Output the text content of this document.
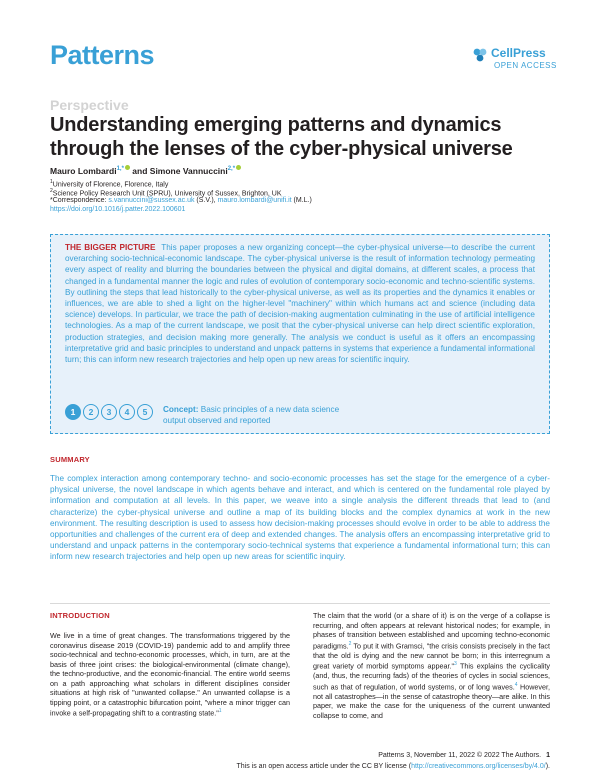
Patterns	CellPress
OPEN ACCESS
Perspective
Understanding emerging patterns and dynamics through the lenses of the cyber-physical universe
Mauro Lombardi$^{1,*}$ and Simone Vannuccini$^{2,*}$
$^1$University of Florence, Florence, Italy
$^2$Science Policy Research Unit (SPRU), University of Sussex, Brighton, UK
*Correspondence: s.vannuccini@sussex.ac.uk (S.V.), mauro.lombardi@unifi.it (M.L.)
https://doi.org/10.1016/j.patter.2022.100601
THE BIGGER PICTURE This paper proposes a new organizing concept—the cyber-physical universe—to describe the current overarching socio-technical-economic landscape. The cyber-physical universe is the result of information technology permeating every aspect of reality and blurring the boundaries between the physical and digital domains, at different scales, a process that changed in a fundamental manner the logic and rules of evolution of contemporary socio-economic and techno-scientific systems. By outlining the steps that lead historically to the cyber-physical universe, as well as its properties and the dynamics it enables or influences, we are able to shed a light on the higher-level "machinery" within which humans act and science (including data science) develops. In particular, we trace the path of decision-making augmentation culminating in the use of artificial intelligence technologies. As a map of the current landscape, we posit that the cyber-physical universe can help direct scientific exploration, production strategies, and decision making more generally. The analysis we conduct is useful as it offers an encompassing interpretative grid and basic principles to understand and unpack patterns in systems that experience a fundamental informational turn; this can inform new research trajectories and help open up new areas for scientific inquiry.
1	2	3	4	5	Concept: Basic principles of a new data science output observed and reported
SUMMARY
The complex interaction among contemporary techno- and socio-economic processes has set the stage for the emergence of a cyber-physical universe, the novel landscape in which agents behave and interact, and which is centered on the fundamental role played by information and computation at all levels. In this paper, we weave into a single analysis the different threads that lead to (and characterize) the cyber-physical universe and outline a map of its building blocks and the complex dynamics at work in the new environment. The resulting description is used to assess how decision-making processes should evolve in order to be able to address the opportunities and challenges of the current era of deep and extended changes. The analysis offers an encompassing interpretative grid to understand and unpack patterns in the contemporary socio-technical systems that experience a fundamental informational turn; this can inform new research trajectories and help open up new areas for scientific inquiry.
INTRODUCTION
We live in a time of great changes. The transformations triggered by the coronavirus disease 2019 (COVID-19) pandemic add to and amplify three socio-technical and techno-economic processes, which, in turn, are at the basis of three joint crises: the biological-environmental (climate change), the techno-productive, and the economic-financial. The entire world seems on a path approaching what scholars in different disciplines consider situations at high risk of "unwanted collapse." An unwanted collapse is a tipping point, or a catastrophic bifurcation point, "where a minor trigger can invoke a self-propagating shift to a contrasting state."$^1$
The claim that the world (or a share of it) is on the verge of a collapse is recurring, and often appears at relevant historical nodes; for example, in phases of transition between established and upcoming techno-economic paradigms.$^2$ To put it with Gramsci, "the crisis consists precisely in the fact that the old is dying and the new cannot be born; in this interregnum a great variety of morbid symptoms appear."$^3$ This explains the cyclicality (and, thus, the recurring fads) of the theories of cycles in social sciences, such as that of regulation, of world systems, or of long waves.$^4$ However, not all catastrophes—in the sense of catastrophe theory—are alike. In this paper, we make the case for the uniqueness of the current unwanted collapse to come, and
Patterns 3, November 11, 2022 © 2022 The Authors. 1
This is an open access article under the CC BY license (http://creativecommons.org/licenses/by/4.0/).
